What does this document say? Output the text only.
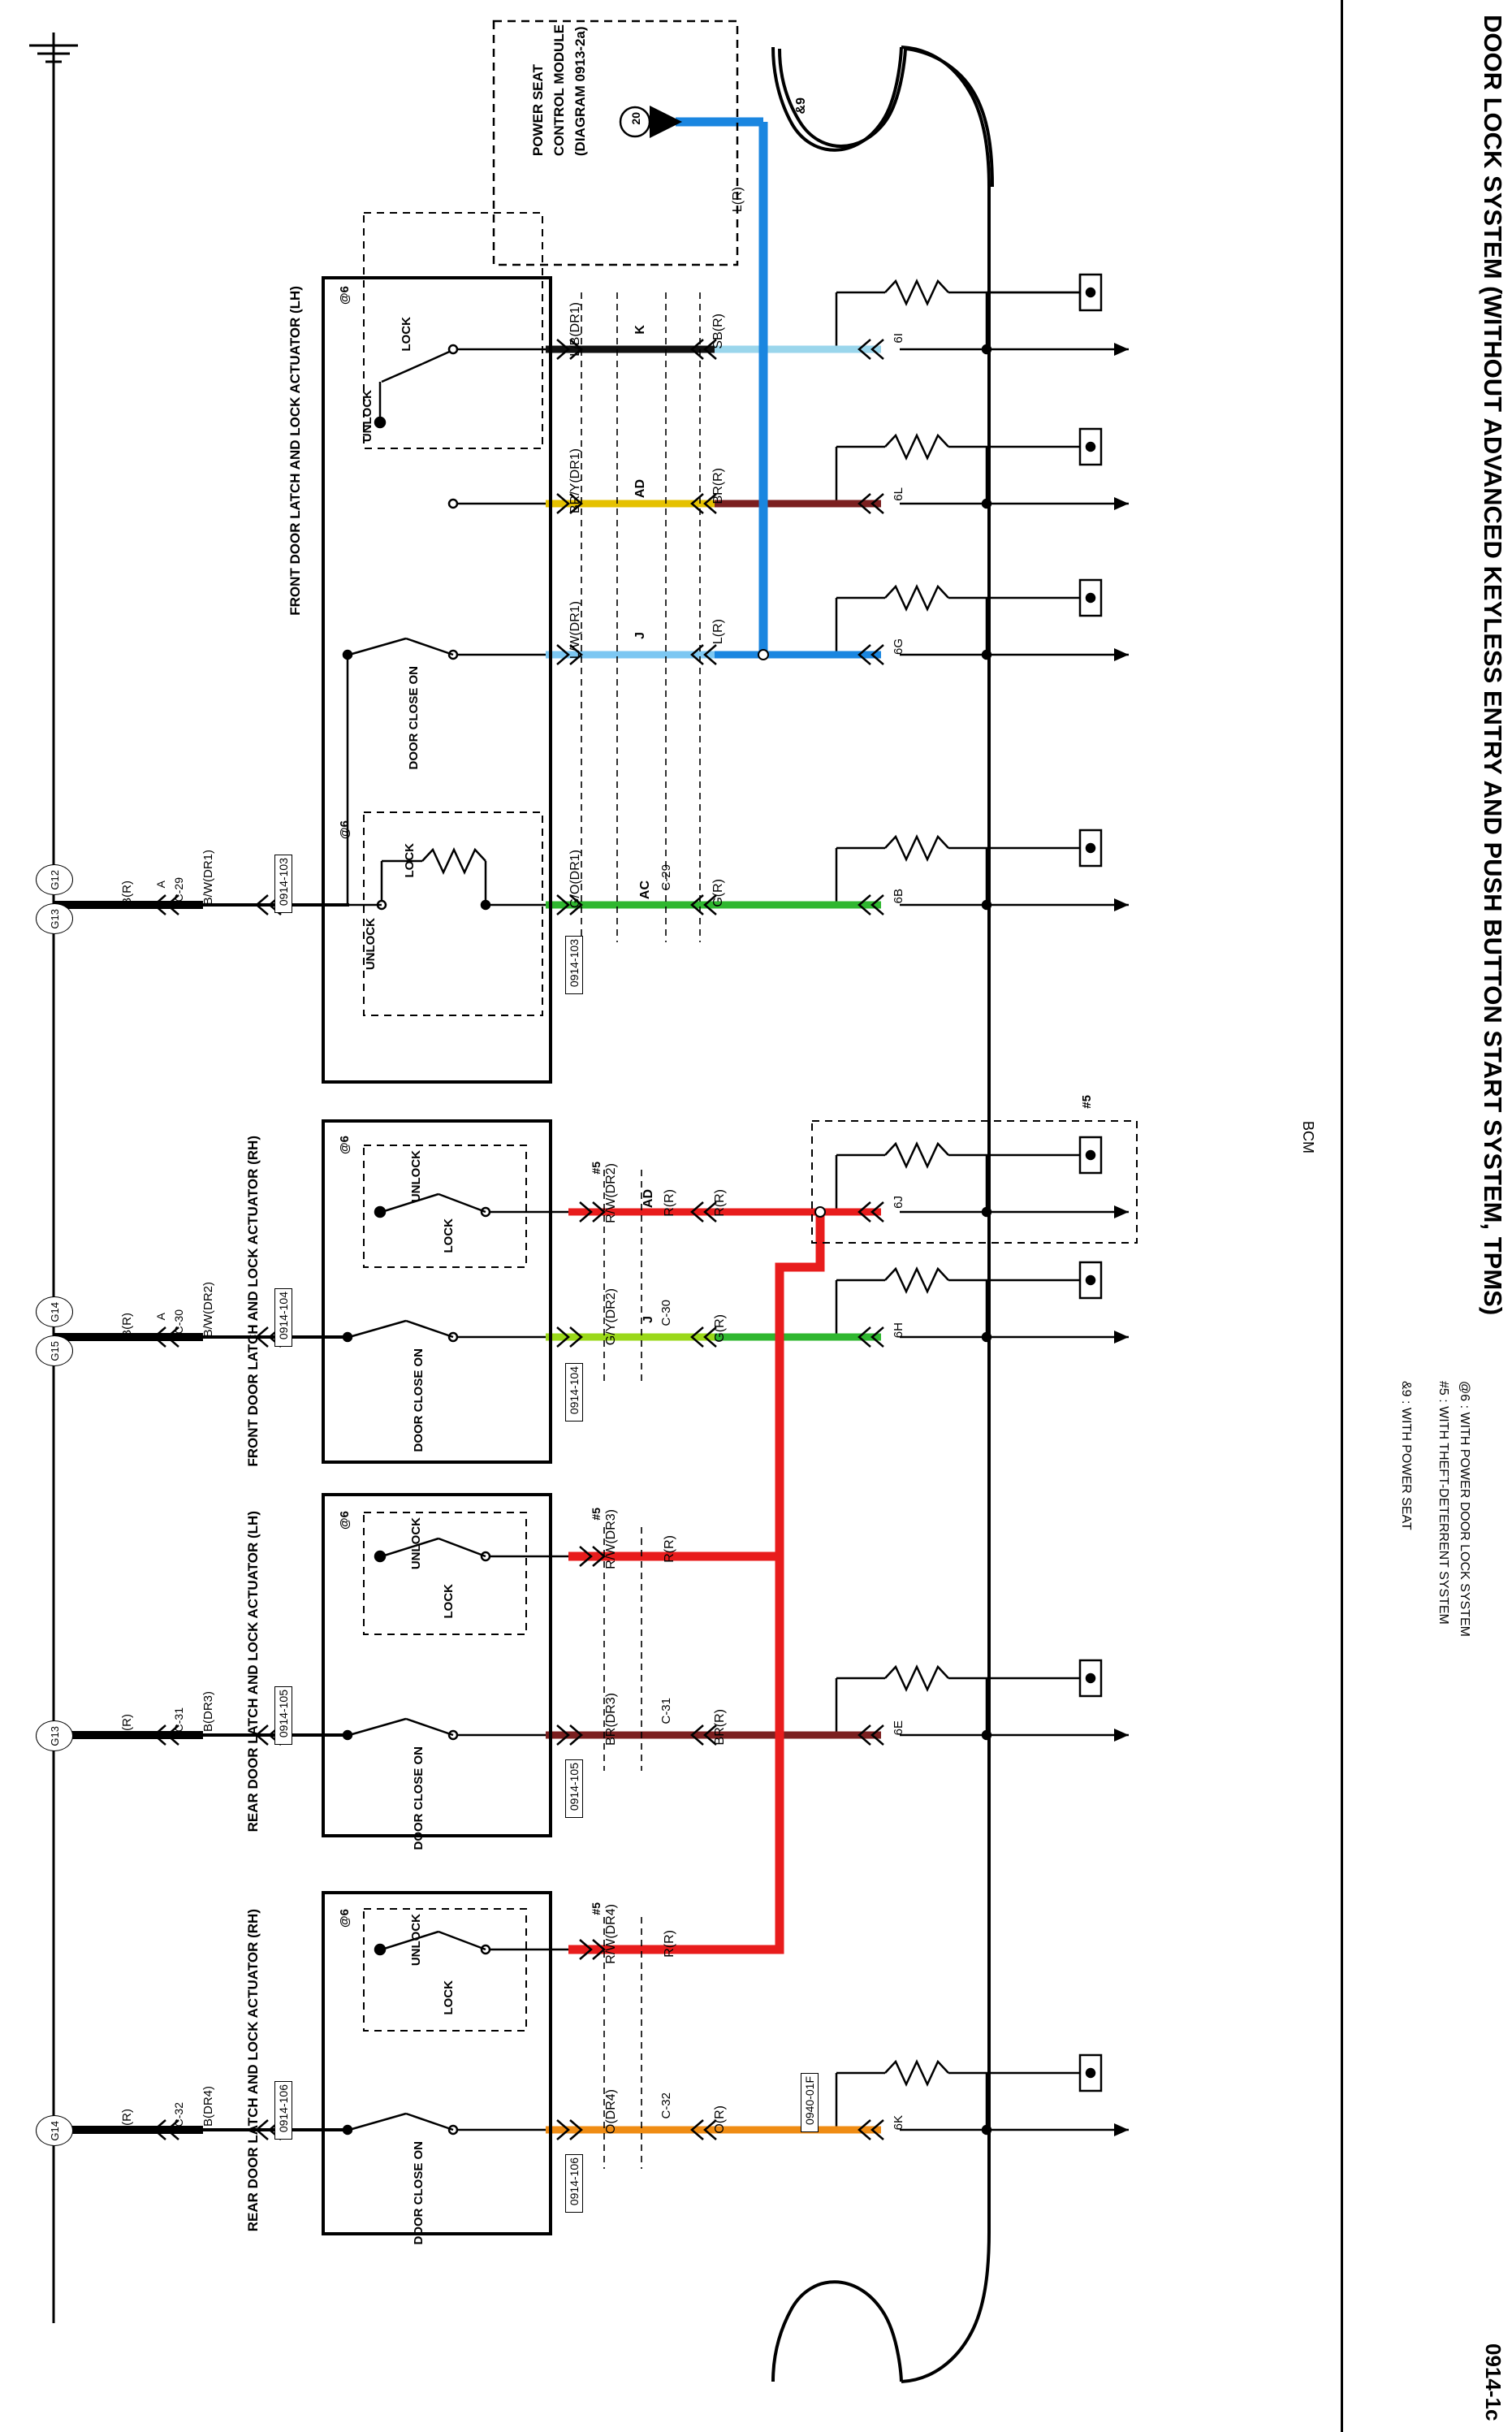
DOOR LOCK SYSTEM (WITHOUT ADVANCED KEYLESS ENTRY AND PUSH BUTTON START SYSTEM, TPMS)
0914-1c
&9 : WITH POWER SEAT #5 : WITH THEFT-DETERRENT SYSTEM @6 : WITH POWER DOOR LOCK SYSTEM
BCM
POWER SEAT CONTROL MODULE (DIAGRAM 0913-2a)	20
&9
L(R)
FRONT DOOR LATCH AND LOCK ACTUATOR (LH)	@6
LOCK
UNLOCK
DOOR CLOSE ON
LOCK
UNLOCK
@6
L/B(DR1)	K	SB(R)	6I
BR/Y(DR1)	AD	BR(R)	6L
L/W(DR1)	J	L(R)
6G
G/O(DR1)	AC C-29
G(R)	6B
0914-103
0914-103
G12
G13
B/W(DR1)
B(R) A C-29
FRONT DOOR LATCH AND LOCK ACTUATOR (RH)	@6
UNLOCK
LOCK
DOOR CLOSE ON
#5 R/W(DR2) AD R(R)	R(R)	6J
G/Y(DR2) J C-30
G(R)	6H
0914-104
0914-104
G14
G15
B/W(DR2)
B(R) A C-30
REAR DOOR LATCH AND LOCK ACTUATOR (LH)	@6	UNLOCK
LOCK
DOOR CLOSE ON
#5 R/W(DR3)	R(R)
BR(DR3)	C-31	BR(R)	6E
0914-105
0914-105
G13
B(DR3)
B(R)	C-31
REAR DOOR LATCH AND LOCK ACTUATOR (RH)	@6	UNLOCK
LOCK
DOOR CLOSE ON
#5 R/W(DR4)	R(R)
O(DR4)	C-32	O(R)	6K
0914-106
0914-106
0940-01F
G14
B(DR4)
B(R)	C-32
#5
